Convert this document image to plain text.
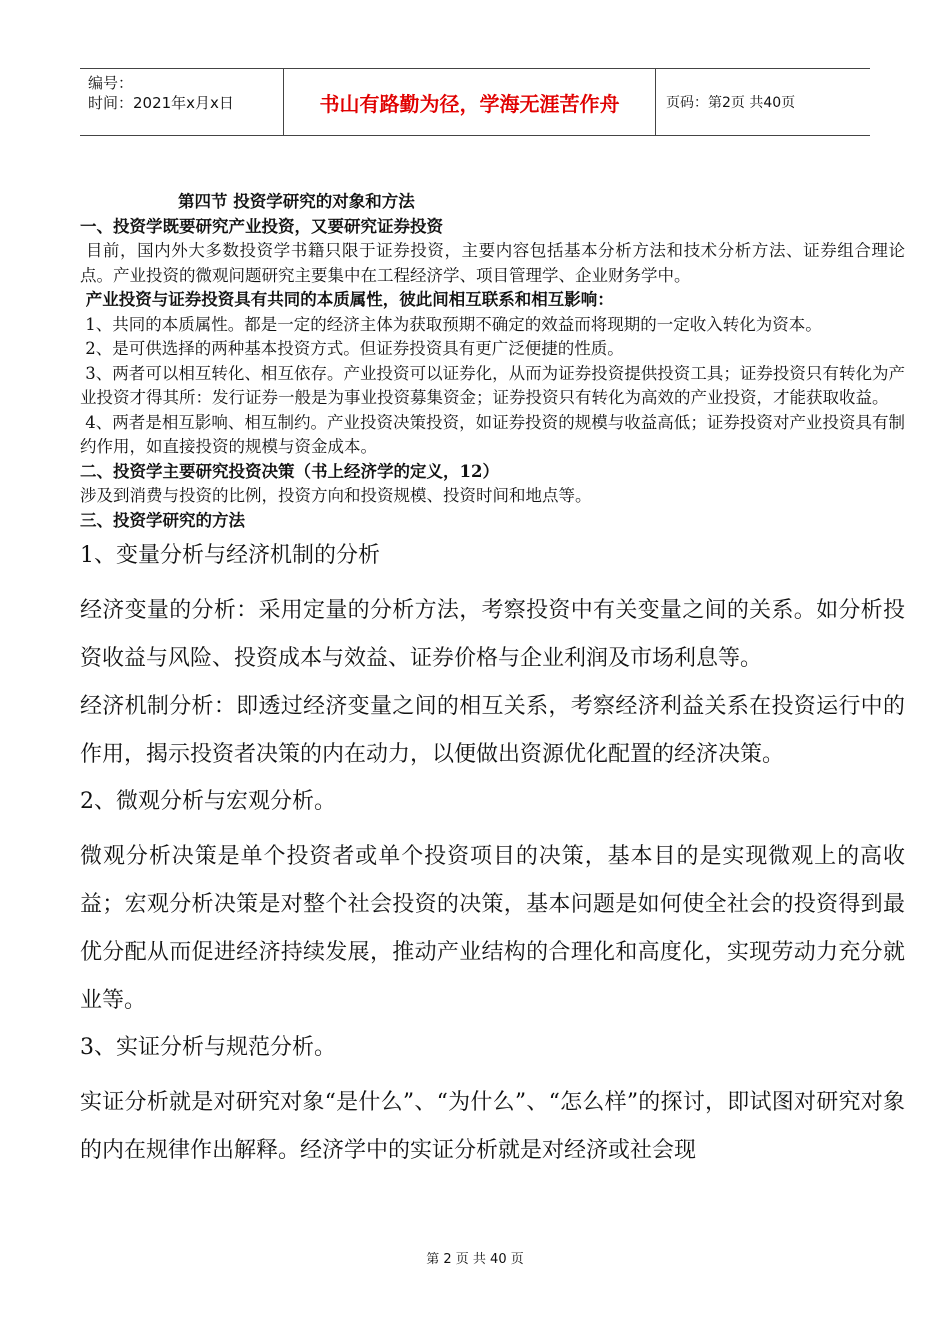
编号：
时间：2021年x月x日	书山有路勤为径，学海无涯苦作舟	页码：第2页 共40页

第四节 投资学研究的对象和方法

一、投资学既要研究产业投资，又要研究证券投资

目前，国内外大多数投资学书籍只限于证券投资，主要内容包括基本分析方法和技术分析方法、证券组合理论点。产业投资的微观问题研究主要集中在工程经济学、项目管理学、企业财务学中。

产业投资与证券投资具有共同的本质属性，彼此间相互联系和相互影响：

1、共同的本质属性。都是一定的经济主体为获取预期不确定的效益而将现期的一定收入转化为资本。

2、是可供选择的两种基本投资方式。但证券投资具有更广泛便捷的性质。

3、两者可以相互转化、相互依存。产业投资可以证券化，从而为证券投资提供投资工具；证券投资只有转化为产业投资才得其所：发行证券一般是为事业投资募集资金；证券投资只有转化为高效的产业投资，才能获取收益。

4、两者是相互影响、相互制约。产业投资决策投资，如证券投资的规模与收益高低；证券投资对产业投资具有制约作用，如直接投资的规模与资金成本。

二、投资学主要研究投资决策（书上经济学的定义，12）

涉及到消费与投资的比例，投资方向和投资规模、投资时间和地点等。

三、投资学研究的方法

1、变量分析与经济机制的分析

经济变量的分析：采用定量的分析方法，考察投资中有关变量之间的关系。如分析投资收益与风险、投资成本与效益、证券价格与企业利润及市场利息等。

经济机制分析：即透过经济变量之间的相互关系，考察经济利益关系在投资运行中的作用，揭示投资者决策的内在动力，以便做出资源优化配置的经济决策。

2、微观分析与宏观分析。

微观分析决策是单个投资者或单个投资项目的决策，基本目的是实现微观上的高收益；宏观分析决策是对整个社会投资的决策，基本问题是如何使全社会的投资得到最优分配从而促进经济持续发展，推动产业结构的合理化和高度化，实现劳动力充分就业等。

3、实证分析与规范分析。

实证分析就是对研究对象“是什么”、“为什么”、“怎么样”的探讨，即试图对研究对象的内在规律作出解释。经济学中的实证分析就是对经济或社会现

第 2 页 共 40 页
